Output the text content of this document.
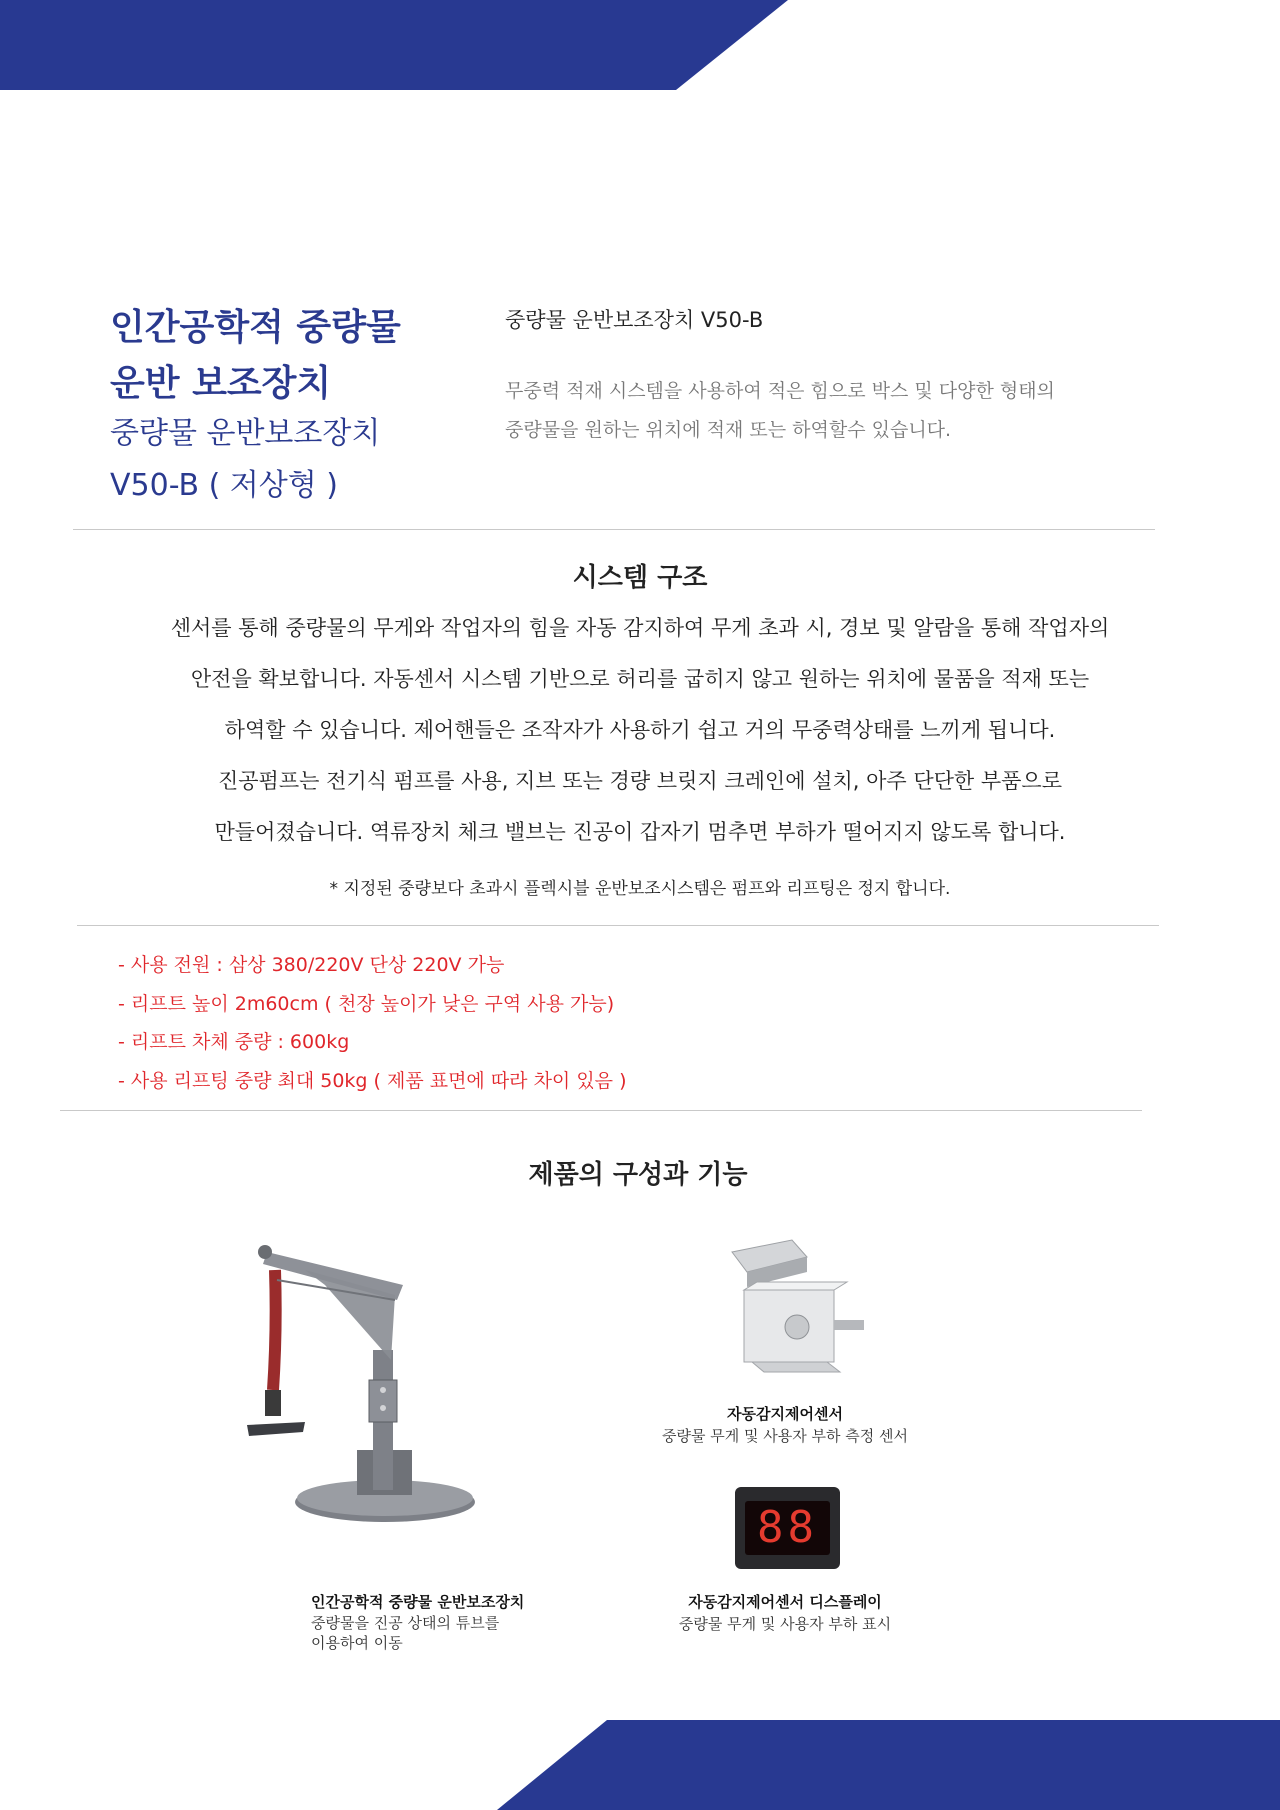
인간공학적 중량물
운반 보조장치
중량물 운반보조장치
V50-B ( 저상형 )
중량물 운반보조장치 V50-B
무중력 적재 시스템을 사용하여 적은 힘으로 박스 및 다양한 형태의
중량물을 원하는 위치에 적재 또는 하역할수 있습니다.
시스템 구조
센서를 통해 중량물의 무게와 작업자의 힘을 자동 감지하여 무게 초과 시, 경보 및 알람을 통해 작업자의
안전을 확보합니다. 자동센서 시스템 기반으로 허리를 굽히지 않고 원하는 위치에 물품을 적재 또는
하역할 수 있습니다. 제어핸들은 조작자가 사용하기 쉽고 거의 무중력상태를 느끼게 됩니다.
진공펌프는 전기식 펌프를 사용, 지브 또는 경량 브릿지 크레인에 설치, 아주 단단한 부품으로
만들어졌습니다. 역류장치 체크 밸브는 진공이 갑자기 멈추면 부하가 떨어지지 않도록 합니다.
* 지정된 중량보다 초과시 플렉시블 운반보조시스템은 펌프와 리프팅은 정지 합니다.
- 사용 전원 : 삼상 380/220V 단상 220V 가능
- 리프트 높이 2m60cm ( 천장 높이가 낮은 구역 사용 가능)
- 리프트 차체 중량 : 600kg
- 사용 리프팅 중량 최대 50kg ( 제품 표면에 따라 차이 있음 )
제품의 구성과 기능
인간공학적 중량물 운반보조장치
중량물을 진공 상태의 튜브를
이용하여 이동
자동감지제어센서
중량물 무게 및 사용자 부하 측정 센서
88
자동감지제어센서 디스플레이
중량물 무게 및 사용자 부하 표시
